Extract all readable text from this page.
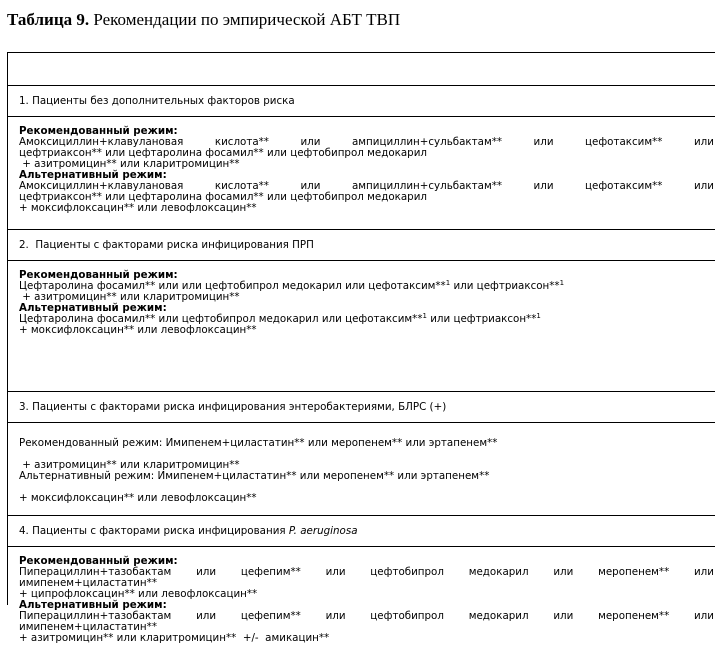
Таблица 9. Рекомендации по эмпирической АБТ ТВП
1. Пациенты без дополнительных факторов риска
Рекомендованный режим:
Амоксициллин+клавулановая	кислота**	или	ампициллин+сульбактам**	или	цефотаксим**	или
цефтриаксон** или цефтаролина фосамил** или цефтобипрол медокарил
+ азитромицин** или кларитромицин**
Альтернативный режим:
Амоксициллин+клавулановая	кислота**	или	ампициллин+сульбактам**	или	цефотаксим**	или
цефтриаксон** или цефтаролина фосамил** или цефтобипрол медокарил
+ моксифлоксацин** или левофлоксацин**
2.  Пациенты с факторами риска инфицирования ПРП
Рекомендованный режим:
Цефтаролина фосамил** или или цефтобипрол медокарил или цефотаксим**$^1$ или цефтриаксон**$^1$
+ азитромицин** или кларитромицин**
Альтернативный режим:
Цефтаролина фосамил** или цефтобипрол медокарил или цефотаксим**$^1$ или цефтриаксон**$^1$
+ моксифлоксацин** или левофлоксацин**
3. Пациенты с факторами риска инфицирования энтеробактериями, БЛРС (+)
Рекомендованный режим: Имипенем+циластатин** или меропенем** или эртапенем**
+ азитромицин** или кларитромицин**
Альтернативный режим: Имипенем+циластатин** или меропенем** или эртапенем**
+ моксифлоксацин** или левофлоксацин**
4. Пациенты с факторами риска инфицирования P. aeruginosa
Рекомендованный режим:
Пиперациллин+тазобактам или цефепим** или цефтобипрол медокарил или меропенем** или
имипенем+циластатин**
+ ципрофлоксацин** или левофлоксацин**
Альтернативный режим:
Пиперациллин+тазобактам или цефепим** или цефтобипрол медокарил или меропенем** или
имипенем+циластатин**
+ азитромицин** или кларитромицин**  +/-  амикацин**
